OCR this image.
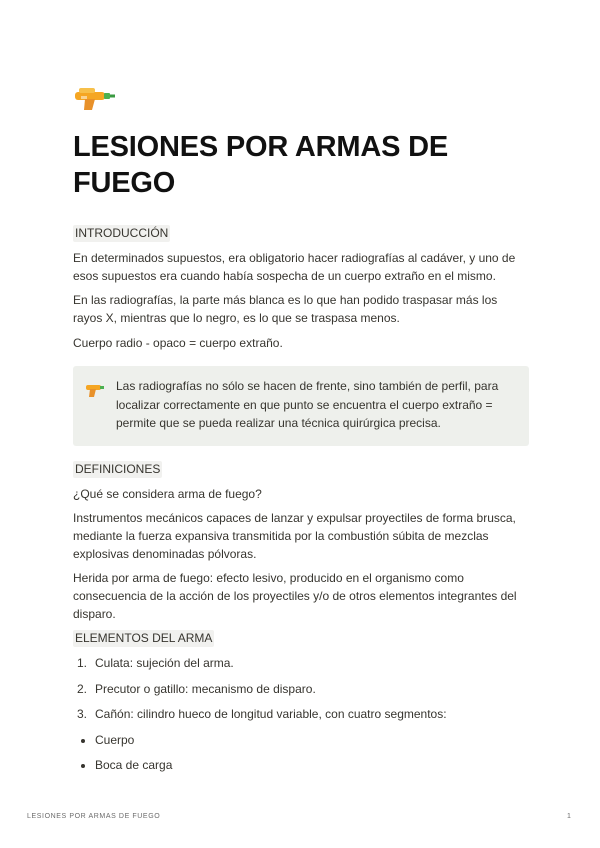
LESIONES POR ARMAS DE FUEGO
INTRODUCCIÓN

En determinados supuestos, era obligatorio hacer radiografías al cadáver, y uno de esos supuestos era cuando había sospecha de un cuerpo extraño en el mismo.

En las radiografías, la parte más blanca es lo que han podido traspasar más los rayos X, mientras que lo negro, es lo que se traspasa menos.

Cuerpo radio - opaco = cuerpo extraño.

Las radiografías no sólo se hacen de frente, sino también de perfil, para localizar correctamente en que punto se encuentra el cuerpo extraño = permite que se pueda realizar una técnica quirúrgica precisa.

DEFINICIONES

¿Qué se considera arma de fuego?

Instrumentos mecánicos capaces de lanzar y expulsar proyectiles de forma brusca, mediante la fuerza expansiva transmitida por la combustión súbita de mezclas explosivas denominadas pólvoras.

Herida por arma de fuego: efecto lesivo, producido en el organismo como consecuencia de la acción de los proyectiles y/o de otros elementos integrantes del disparo.

ELEMENTOS DEL ARMA
1. Culata: sujeción del arma.
2. Precutor o gatillo: mecanismo de disparo.
3. Cañón: cilindro hueco de longitud variable, con cuatro segmentos:
Cuerpo
Boca de carga
LESIONES POR ARMAS DE FUEGO	1
